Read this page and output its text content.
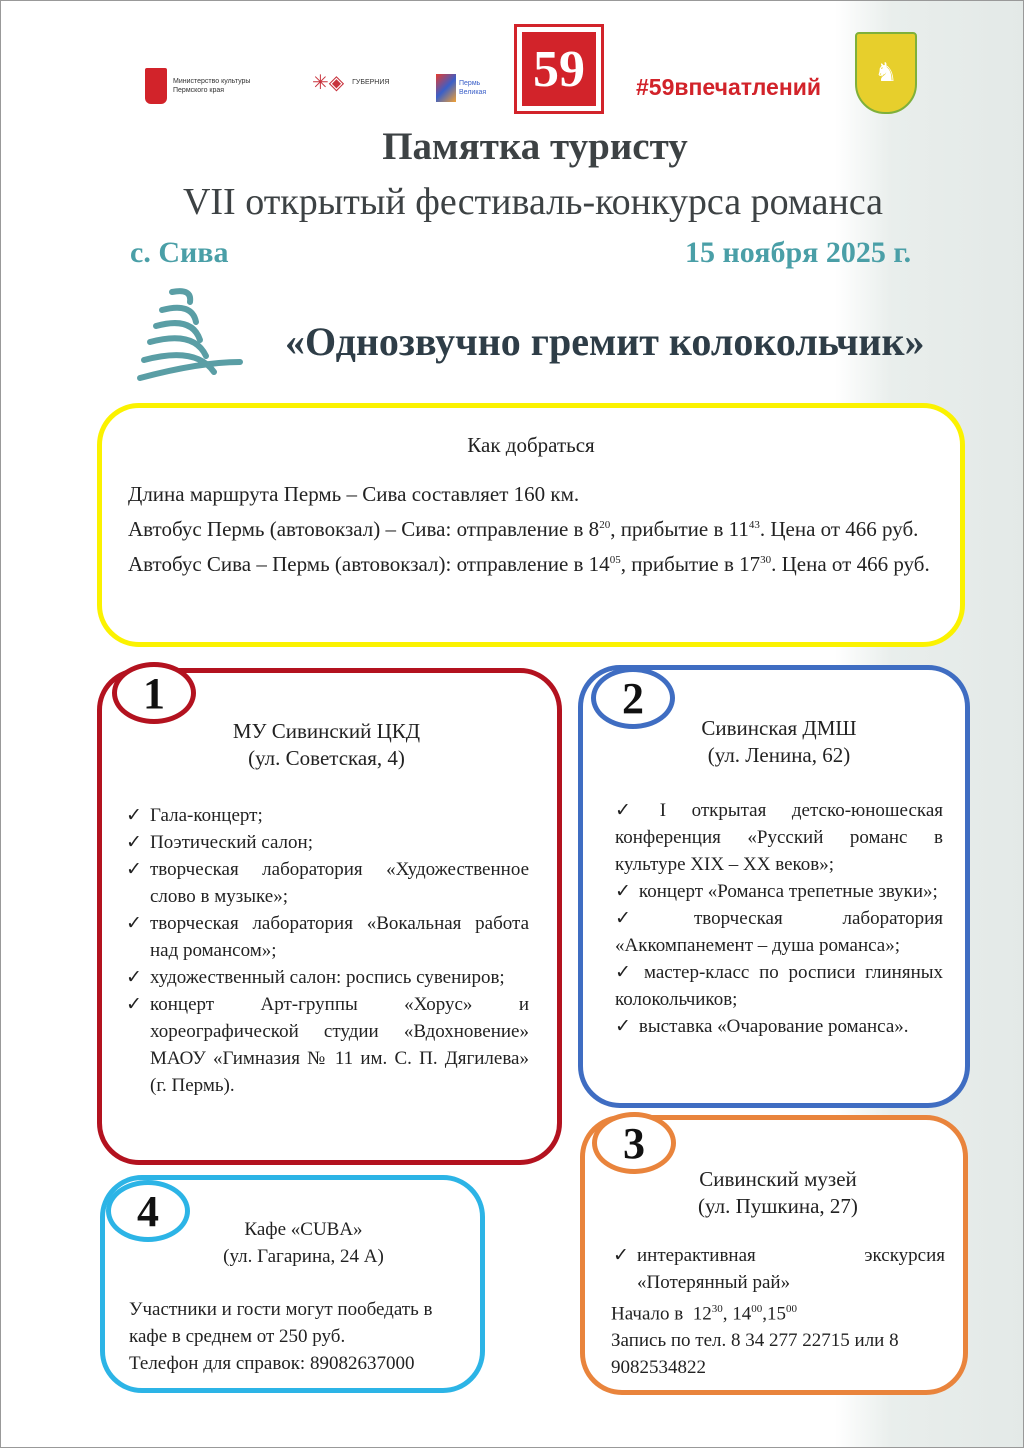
Министерство культуры Пермского края	✳◈ ГУБЕРНИЯ	Пермь Великая 59	#59впечатлений	♞
Памятка туристу
VII открытый фестиваль-конкурса романса
с. Сива	15 ноября 2025 г.
«Однозвучно гремит колокольчик»
Как добраться
Длина маршрута Пермь – Сива составляет 160 км.
Автобус Пермь (автовокзал) – Сива: отправление в $8^{20}$, прибытие в $11^{43}$. Цена от 466 руб.
Автобус Сива – Пермь (автовокзал): отправление в $14^{05}$, прибытие в $17^{30}$. Цена от 466 руб.
МУ Сивинский ЦКД
(ул. Советская, 4)
✓ Гала-концерт;
✓ Поэтический салон;
✓ творческая лаборатория «Художественное слово в музыке»;
✓ творческая лаборатория «Вокальная работа над романсом»;
✓ художественный салон: роспись сувениров;
✓ концерт Арт-группы «Хорус» и хореографической студии «Вдохновение» МАОУ «Гимназия № 11 им. С. П. Дягилева» (г. Пермь).
1
Сивинская ДМШ
(ул. Ленина, 62)
✓ I открытая детско-юношеская конференция «Русский романс в культуре XIX – XX веков»;
✓ концерт «Романса трепетные звуки»;
✓ творческая лаборатория «Аккомпанемент – душа романса»;
✓ мастер-класс по росписи глиняных колокольчиков;
✓ выставка «Очарование романса».
2
Сивинский музей
(ул. Пушкина, 27)
✓ интерактивная экскурсия «Потерянный рай»
Начало в $12^{30}$, $14^{00},15^{00}$
Запись по тел. 8 34 277 22715 или 8 9082534822
3
Кафе «CUBA»
(ул. Гагарина, 24 А)
Участники и гости могут пообедать в кафе в среднем от 250 руб.
Телефон для справок: 89082637000
4
